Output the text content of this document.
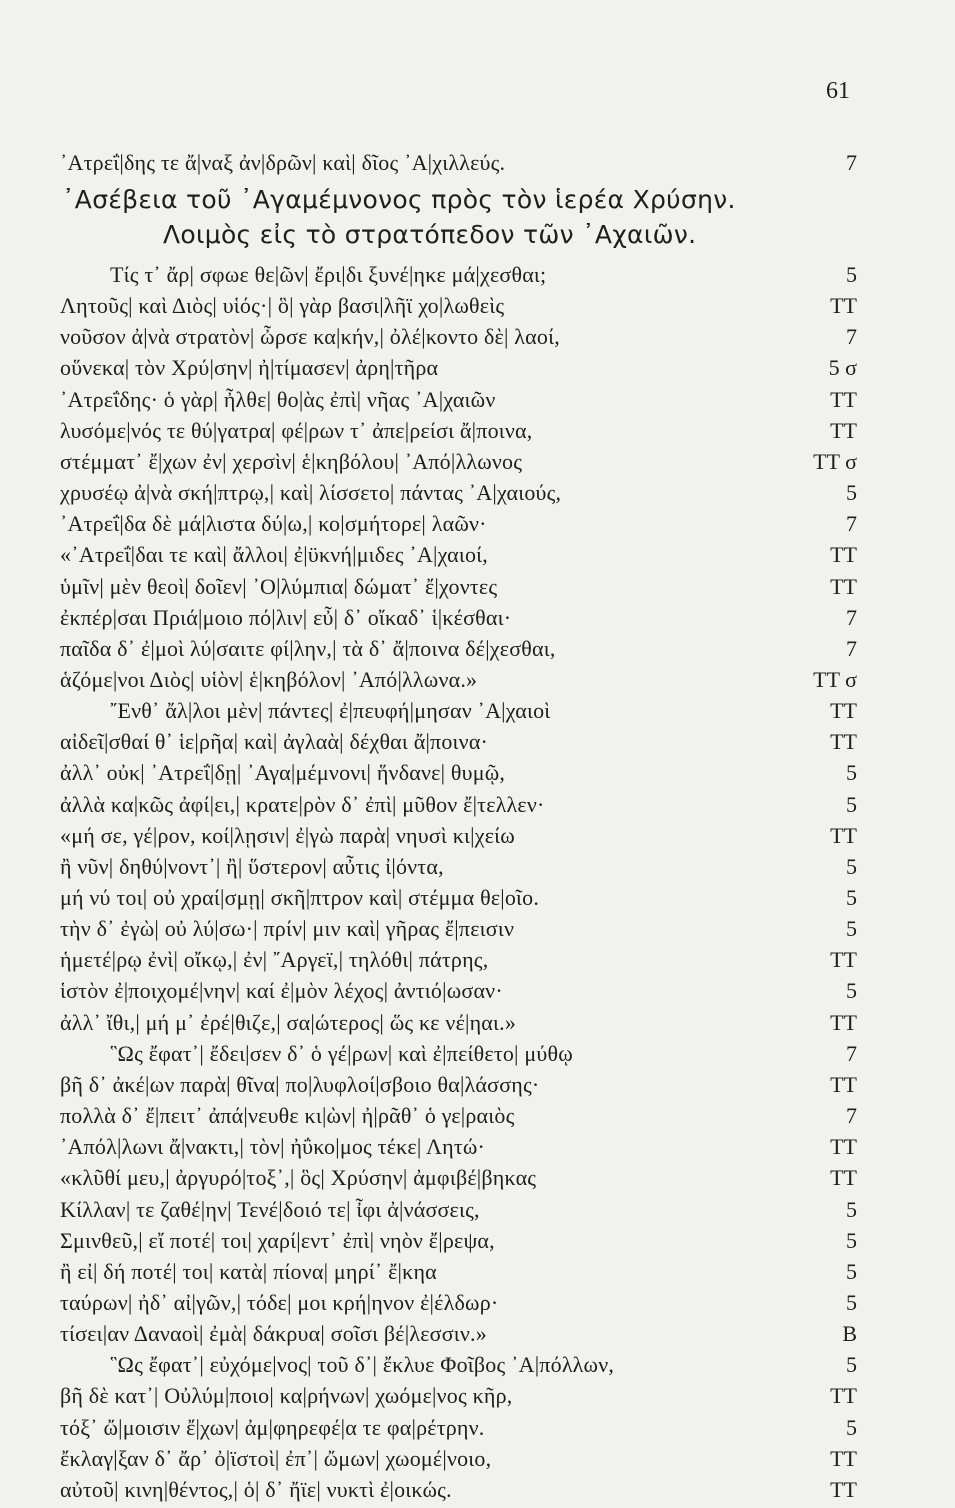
61
᾿Ατρεΐ|δης τε ἄ|ναξ ἀν|δρῶν| καὶ| δῖος ᾿Α|χιλλεύς.	7
᾿Ασέβεια τοῦ ᾿Αγαμέμνονος πρὸς τὸν ἱερέα Χρύσην.
Λοιμὸς εἰς τὸ στρατόπεδον τῶν ᾿Αχαιῶν.
Τίς τ᾿ ἄρ| σφωε θε|ῶν| ἔρι|δι ξυνέ|ηκε μά|χεσθαι;	5
Λητοῦς| καὶ Διὸς| υἱός·| ὃ| γὰρ βασι|λῆϊ χο|λωθεὶς	TT
νοῦσον ἀ|νὰ στρατὸν| ὦρσε κα|κήν,| ὀλέ|κοντο δὲ| λαοί,	7
οὕνεκα| τὸν Χρύ|σην| ἠ|τίμασεν| ἀρη|τῆρα	5 σ
᾿Ατρεΐδης· ὁ γὰρ| ἦλθε| θο|ὰς ἐπὶ| νῆας ᾿Α|χαιῶν	TT
λυσόμε|νός τε θύ|γατρα| φέ|ρων τ᾿ ἀπε|ρείσι ἄ|ποινα,	TT
στέμματ᾿ ἔ|χων ἐν| χερσὶν| ἑ|κηβόλου| ᾿Από|λλωνος	TT σ
χρυσέῳ ἀ|νὰ σκή|πτρῳ,| καὶ| λίσσετο| πάντας ᾿Α|χαιούς,	5
᾿Ατρεΐ|δα δὲ μά|λιστα δύ|ω,| κο|σμήτορε| λαῶν·	7
«᾿Ατρεΐ|δαι τε καὶ| ἄλλοι| ἐ|ϋκνή|μιδες ᾿Α|χαιοί,	TT
ὑμῖν| μὲν θεοὶ| δοῖεν| ᾿Ο|λύμπια| δώματ᾿ ἔ|χοντες	TT
ἐκπέρ|σαι Πριά|μοιο πό|λιν| εὖ| δ᾿ οἴκαδ᾿ ἱ|κέσθαι·	7
παῖδα δ᾿ ἐ|μοὶ λύ|σαιτε φί|λην,| τὰ δ᾿ ἄ|ποινα δέ|χεσθαι,	7
ἁζόμε|νοι Διὸς| υἱὸν| ἑ|κηβόλον| ᾿Από|λλωνα.»	TT σ
῎Ενθ᾿ ἄλ|λοι μὲν| πάντες| ἐ|πευφή|μησαν ᾿Α|χαιοὶ	TT
αἰδεῖ|σθαί θ᾿ ἱε|ρῆα| καὶ| ἀγλαὰ| δέχθαι ἄ|ποινα·	TT
ἀλλ᾿ οὐκ| ᾿Ατρεΐ|δῃ| ᾿Αγα|μέμνονι| ἥνδανε| θυμῷ,	5
ἀλλὰ κα|κῶς ἀφί|ει,| κρατε|ρὸν δ᾿ ἐπὶ| μῦθον ἔ|τελλεν·	5
«μή σε, γέ|ρον, κοί|λῃσιν| ἐ|γὼ παρὰ| νηυσὶ κι|χείω	TT
ἢ νῦν| δηθύ|νοντ᾿| ἢ| ὕστερον| αὖτις ἰ|όντα,	5
μή νύ τοι| οὐ χραί|σμῃ| σκῆ|πτρον καὶ| στέμμα θε|οῖο.	5
τὴν δ᾿ ἐγὼ| οὐ λύ|σω·| πρίν| μιν καὶ| γῆρας ἔ|πεισιν	5
ἡμετέ|ρῳ ἐνὶ| οἴκῳ,| ἐν| ῎Αργεϊ,| τηλόθι| πάτρης,	TT
ἱστὸν ἐ|ποιχομέ|νην| καί ἐ|μὸν λέχος| ἀντιό|ωσαν·	5
ἀλλ᾿ ἴθι,| μή μ᾿ ἐρέ|θιζε,| σα|ώτερος| ὥς κε νέ|ηαι.»	TT
῝Ως ἔφατ᾿| ἔδει|σεν δ᾿ ὁ γέ|ρων| καὶ ἐ|πείθετο| μύθῳ	7
βῆ δ᾿ ἀκέ|ων παρὰ| θῖνα| πο|λυφλοί|σβοιο θα|λάσσης·	TT
πολλὰ δ᾿ ἔ|πειτ᾿ ἀπά|νευθε κι|ὼν| ἠ|ρᾶθ᾿ ὁ γε|ραιὸς	7
᾿Απόλ|λωνι ἄ|νακτι,| τὸν| ἠΰκο|μος τέκε| Λητώ·	TT
«κλῦθί μευ,| ἀργυρό|τοξ᾿,| ὃς| Χρύσην| ἀμφιβέ|βηκας	TT
Κίλλαν| τε ζαθέ|ην| Τενέ|δοιό τε| ἶφι ἀ|νάσσεις,	5
Σμινθεῦ,| εἴ ποτέ| τοι| χαρί|εντ᾿ ἐπὶ| νηὸν ἔ|ρεψα,	5
ἢ εἰ| δή ποτέ| τοι| κατὰ| πίονα| μηρί᾿ ἔ|κηα	5
ταύρων| ἠδ᾿ αἰ|γῶν,| τόδε| μοι κρή|ηνον ἐ|έλδωρ·	5
τίσει|αν Δαναοὶ| ἐμὰ| δάκρυα| σοῖσι βέ|λεσσιν.»	B
῝Ως ἔφατ᾿| εὐχόμε|νος| τοῦ δ᾿| ἔκλυε Φοῖβος ᾿Α|πόλλων,	5
βῆ δὲ κατ᾿| Οὐλύμ|ποιο| κα|ρήνων| χωόμε|νος κῆρ,	TT
τόξ᾿ ὤ|μοισιν ἔ|χων| ἀμ|φηρεφέ|α τε φα|ρέτρην.	5
ἔκλαγ|ξαν δ᾿ ἄρ᾿ ὀ|ϊστοὶ| ἐπ᾿| ὤμων| χωομέ|νοιο,	TT
αὐτοῦ| κινη|θέντος,| ὁ| δ᾿ ἤϊε| νυκτὶ ἐ|οικώς.	TT
